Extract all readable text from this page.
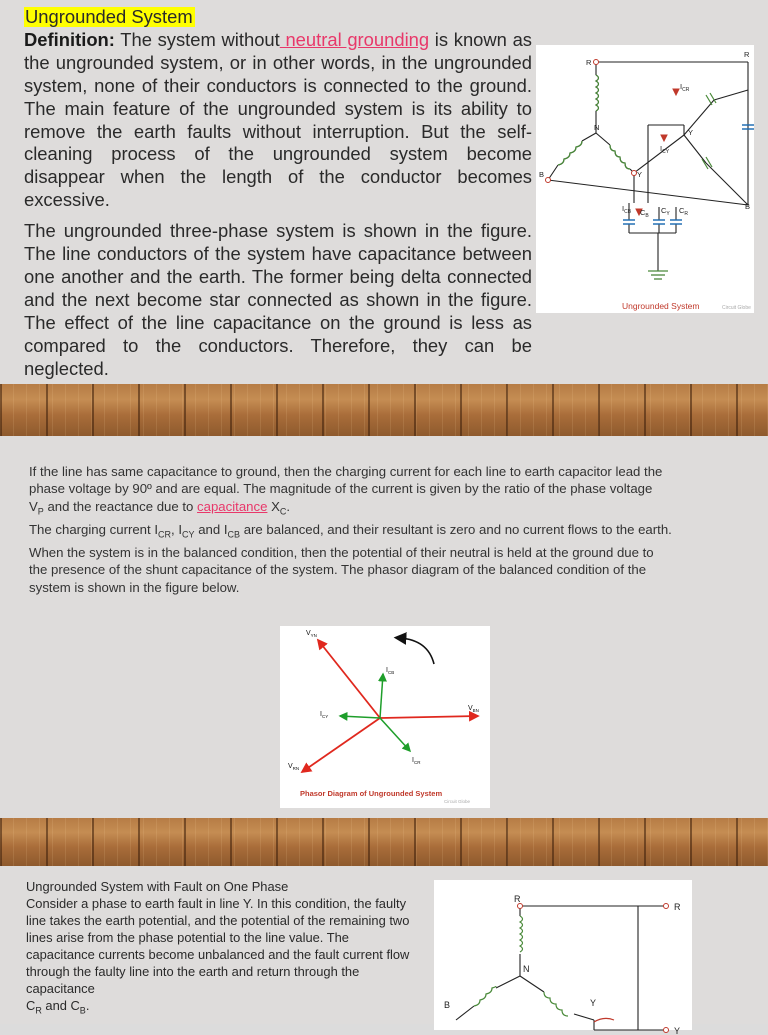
Ungrounded System

Definition: The system without neutral grounding is known as the ungrounded system, or in other words, in the ungrounded system, none of their conductors is connected to the ground. The main feature of the ungrounded system is its ability to remove the earth faults without interruption. But the self-cleaning process of the ungrounded system become disappear when the length of the conductor becomes excessive.

The ungrounded three-phase system is shown in the figure. The line conductors of the system have capacitance between one another and the earth. The former being delta connected and the next become star connected as shown in the figure. The effect of the line capacitance on the ground is less as compared to the conductors. Therefore, they can be neglected.

R
R
B
B
N
Y
Y
$I_{CR}$
$I_{CY}$
$I_{CB}$ $C_B$
$C_Y$ $C_R$
Ungrounded System	Circuit Globe
If the line has same capacitance to ground, then the charging current for each line to earth capacitor lead the
phase voltage by 90º and are equal. The magnitude of the current is given by the ratio of the phase voltage
$V_P$ and the reactance due to capacitance $X_C$.
The charging current $I_{CR}$, $I_{CY}$ and $I_{CB}$ are balanced, and their resultant is zero and no current flows to the earth.
When the system is in the balanced condition, then the potential of their neutral is held at the ground due to
the presence of the shunt capacitance of the system. The phasor diagram of the balanced condition of the
system is shown in the figure below.
$V_{YN}$
$V_{BN}$
$V_{RN}$
$I_{CB}$
$I_{CY}$
$I_{CR}$
Phasor Diagram of Ungrounded System
Circuit Globe
Ungrounded System with Fault on One Phase
Consider a phase to earth fault in line Y. In this condition, the faulty line takes the earth potential, and the potential of the remaining two lines arise from the phase potential to the line value. The capacitance currents become unbalanced and the fault current flow through the faulty line into the earth and return through the capacitance
$C_R$ and $C_B$.
R
R
N
B	Y
Y
